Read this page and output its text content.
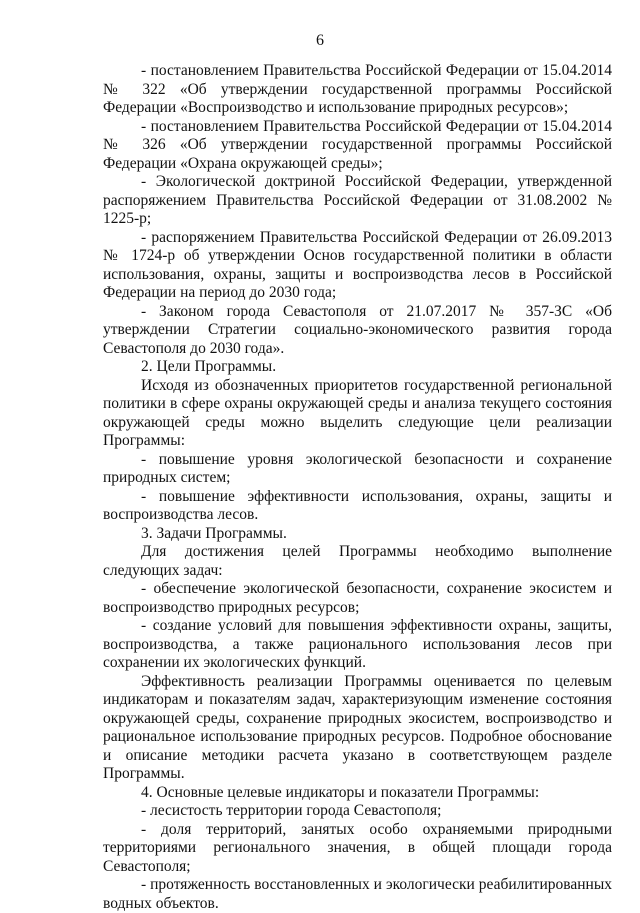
6

- постановлением Правительства Российской Федерации от 15.04.2014 № 322 «Об утверждении государственной программы Российской Федерации «Воспроизводство и использование природных ресурсов»;

- постановлением Правительства Российской Федерации от 15.04.2014 № 326 «Об утверждении государственной программы Российской Федерации «Охрана окружающей среды»;

- Экологической доктриной Российской Федерации, утвержденной распоряжением Правительства Российской Федерации от 31.08.2002 № 1225-р;

- распоряжением Правительства Российской Федерации от 26.09.2013 № 1724-р об утверждении Основ государственной политики в области использования, охраны, защиты и воспроизводства лесов в Российской Федерации на период до 2030 года;

- Законом города Севастополя от 21.07.2017 № 357-ЗС «Об утверждении Стратегии социально-экономического развития города Севастополя до 2030 года».

2. Цели Программы.

Исходя из обозначенных приоритетов государственной региональной политики в сфере охраны окружающей среды и анализа текущего состояния окружающей среды можно выделить следующие цели реализации Программы:

- повышение уровня экологической безопасности и сохранение природных систем;

- повышение эффективности использования, охраны, защиты и воспроизводства лесов.

3. Задачи Программы.

Для достижения целей Программы необходимо выполнение следующих задач:

- обеспечение экологической безопасности, сохранение экосистем и воспроизводство природных ресурсов;

- создание условий для повышения эффективности охраны, защиты, воспроизводства, а также рационального использования лесов при сохранении их экологических функций.

Эффективность реализации Программы оценивается по целевым индикаторам и показателям задач, характеризующим изменение состояния окружающей среды, сохранение природных экосистем, воспроизводство и рациональное использование природных ресурсов. Подробное обоснование и описание методики расчета указано в соответствующем разделе Программы.

4. Основные целевые индикаторы и показатели Программы:

- лесистость территории города Севастополя;

- доля территорий, занятых особо охраняемыми природными территориями регионального значения, в общей площади города Севастополя;

- протяженность восстановленных и экологически реабилитированных водных объектов.
